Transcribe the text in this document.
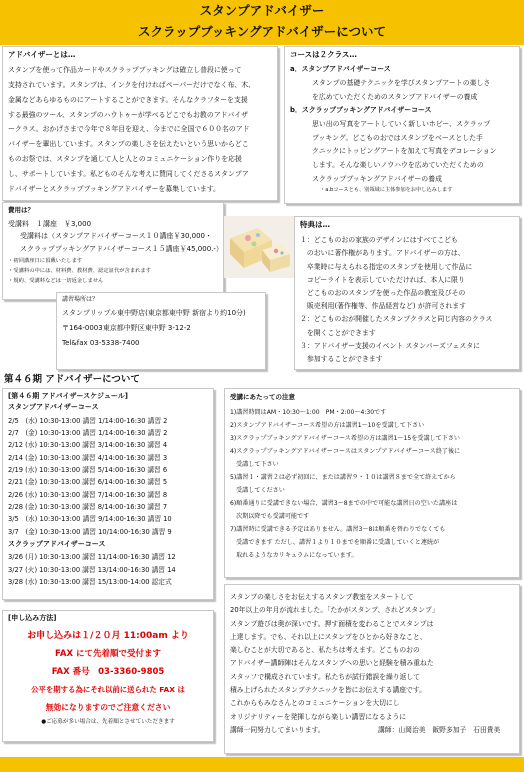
スタンプアドバイザー
スクラップブッキングアドバイザーについて

アドバイザーとは…

スタンプを使って作品カードやスクラップブッキングは確立し普段に使って

支持されています。スタンプは、インクを付ければペーパーだけでなく布、木、

金属などあらゆるものにアートすることができます。そんなクラフターを支援

する最強のツール、スタンプのハウトゥーが学べるどこでもお教のアドバイザ

ークラス。おかげさまで今年で８年目を迎え、今までに全国で６００名のアド

バイザーを輩出しています。スタンプの楽しさを伝えたいという思いからどこ

ものお祭では、スタンプを通して人と人とのコミュニケーション作りを応援

し、サポートしています。私どものそんな考えに賛同してくださるスタンプア

ドバイザーとスクラップブッキングアドバイザーを募集しています。

コースは２クラス…

a．スタンプアドバイザーコース

スタンプの基礎テクニックを学びスタンプアートの楽しさ

を広めていただくためのスタンプアドバイザーの養成

b．スクラップブッキングアドバイザーコース

思い出の写真をアートしていく新しいホビー、スクラップ

ブッキング。どこものおではスタンプをベースとした手

クニックにトッピングアートを加えて写真をデコレーション

します。そんな楽しいノウハウを広めていただくための

スクラップブッキングアドバイザーの養成

・a.bコースとも、別領域に主体参加をお申し込みします

費用は？

受講料　１講座　￥3,000

受講料は（スタンプアドバイザーコース１０講座￥30,000・

スクラップブッキングアドバイザーコース１５講座￥45,000.-）

・初回講座日に頂戴いたします

・受講料の中には、材料費、教材費、認定証代が含まれます

・規約、受講料などは一切返金しません

講習場所は？

スタンプリップル東中野店(東京都東中野 新宿より約10分)

〒164-0003東京都中野区東中野 3-12-2

Tel&fax 03-5338-7400

特典は…

１：どこものおの家族のデザインにはすべてこども

　のおいに著作権があります。アドバイザーの方は、

　卒業時に与えられる指定のスタンプを使用して作品に

　コピーライトを表示していただければ、本人に限り

　どこものおのスタンプを使った作品の教室及びその

　販売利用(著作権等、作品経営など) が許可されます

２：どこものおが開催したスタンプクラスと同じ内容のクラス

　を開くことができます

３：アドバイザー支援のイベント スタンパーズフェスタに

　参加することができます

第４６期 アドバイザーについて

[第４６期 アドバイザースケジュール]

スタンプアドバイザーコース

2/5　(水) 10:30-13:00 講習 1/14:00-16:30 講習 2

2/7　(金) 10:30-13:00 講習 1/14:00-16:30 講習 2

2/12 (水) 10:30-13:00 講習 3/14:00-16:30 講習 4

2/14 (金) 10:30-13:00 講習 4/14:00-16:30 講習 3

2/19 (水) 10:30-13:00 講習 5/14:00-16:30 講習 6

2/21 (金) 10:30-13:00 講習 6/14:00-16:30 講習 5

2/26 (水) 10:30-13:00 講習 7/14:00-16:30 講習 8

2/28 (金) 10:30-13:00 講習 8/14:00-16:30 講習 7

3/5　(水) 10:30-13:00 講習 9/14:00-16:30 講習 10

3/7　(金) 10:30-13:00 講習 10/14:00-16:30 講習 9

スクラップアドバイザーコース

3/26 (月) 10:30-13:00 講習 11/14:00-16:30 講習 12

3/27 (火) 10:30-13:00 講習 13/14:00-16:30 講習 14

3/28 (水) 10:30-13:00 講習 15/13:00-14:00 認定式

受講にあたっての注意

1)講習時間はAM・10:30〜1:00　PM・2:00〜4:30です

2)スタンプアドバイザーコース希望の方は講習1〜10を受講して下さい

3)スクラップブッキングアドバイザーコース希望の方は講習1〜15を受講して下さい

4)スクラップブッキングアドバイザーコースはスタンプアドバイザーコース終了後に

　受講して下さい

5)講習１・講習２は必ず初回に、または講習９・１０は講習８まで全て終えてから

　受講してください

6)順番通りに受講できない場合、講習3〜8までの中で可能な講習日の空いた講座は

　次期以降でも受講可能です

7)講習時に受講できる予定はありません。講習3〜8は順番を替わりでなくても

　受講できます ただし、講習１より１０までを順番に受講していくと連続が

　取れるようなカリキュラムになっています。

[申し込み方法]

お申し込みは１/２０月 11:00am より

FAX にて先着順で受付ます

FAX 番号　03-3360-9805

公平を期する為にそれ以前に送られた FAX は

無効になりますのでご注意ください

●ご応募が多い場合は、先着順とさせていただきます

スタンプの楽しさをお伝えするスタンプ教室をスタートして

20年以上の年月が流れました。「たかがスタンプ、されどスタンプ」

スタンプ遊びは奥が深いです。押す面積を変わることでスタンプは

上達します。でも、それ以上にスタンプをひとから好きなこと、

楽しむことが大切であると、私たちは考えます。どこものおの

アドバイザー講師陣はそんなスタンプへの思いと経験を積み重ねた

スタッフで構成されています。私たちが試行錯誤を繰り返して

積み上げられたスタンプテクニックを皆にお伝えする講座です。

これからもみなさんとのコミュニケーションを大切にし

オリジナリティーを発揮しながら楽しい講習になるように

講師一同努力してまいります。	講師：山岡治美　飯野多加子　石田貴美
